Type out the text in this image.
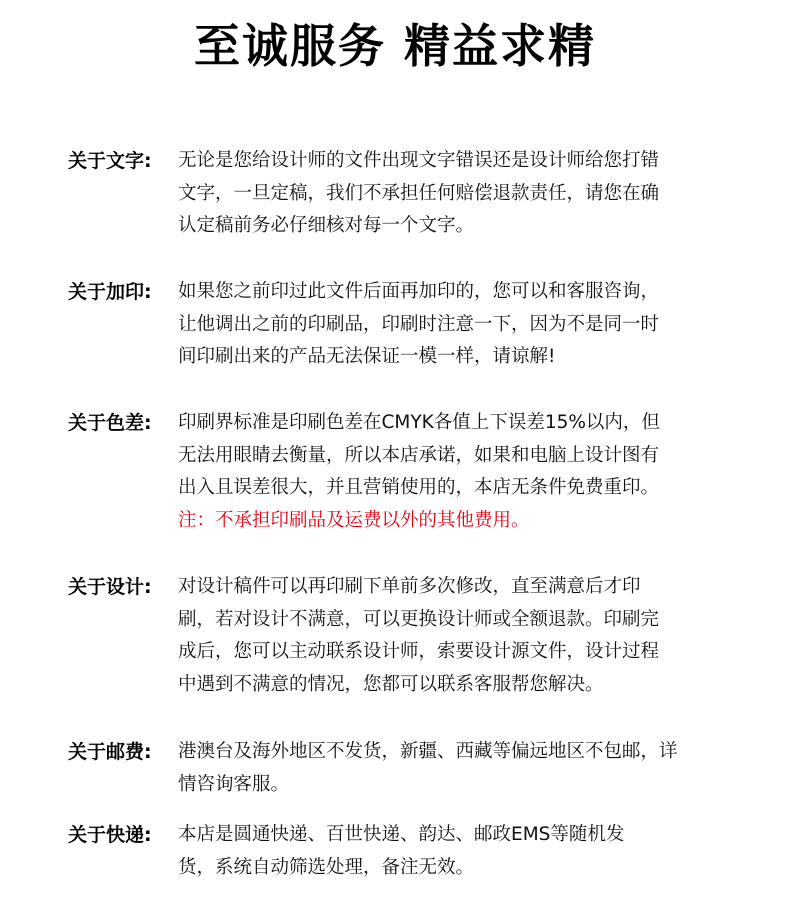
至诚服务 精益求精
关于文字:	无论是您给设计师的文件出现文字错误还是设计师给您打错
文字，一旦定稿，我们不承担任何赔偿退款责任，请您在确
认定稿前务必仔细核对每一个文字。
关于加印:	如果您之前印过此文件后面再加印的，您可以和客服咨询，
让他调出之前的印刷品，印刷时注意一下，因为不是同一时
间印刷出来的产品无法保证一模一样，请谅解!
关于色差:	印刷界标准是印刷色差在CMYK各值上下误差15%以内，但
无法用眼睛去衡量，所以本店承诺，如果和电脑上设计图有
出入且误差很大，并且营销使用的，本店无条件免费重印。
注：不承担印刷品及运费以外的其他费用。
关于设计:	对设计稿件可以再印刷下单前多次修改，直至满意后才印
刷，若对设计不满意，可以更换设计师或全额退款。印刷完
成后，您可以主动联系设计师，索要设计源文件，设计过程
中遇到不满意的情况，您都可以联系客服帮您解决。
关于邮费:	港澳台及海外地区不发货，新疆、西藏等偏远地区不包邮，详
情咨询客服。
关于快递:	本店是圆通快递、百世快递、韵达、邮政EMS等随机发
货，系统自动筛选处理，备注无效。
